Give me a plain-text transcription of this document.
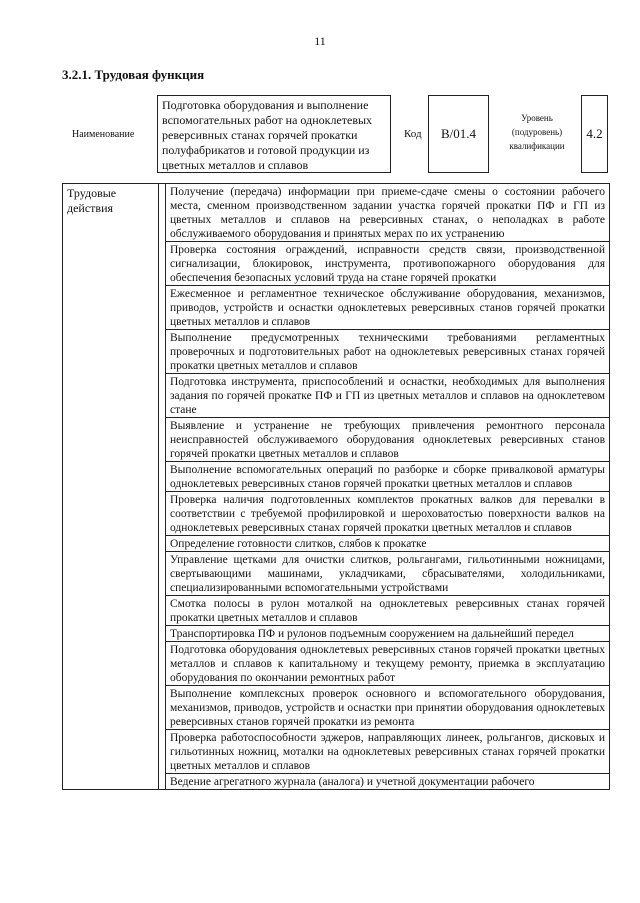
11
3.2.1. Трудовая функция
Наименование
Подготовка оборудования и выполнение вспомогательных работ на одноклетевых реверсивных станах горячей прокатки полуфабрикатов и готовой продукции из цветных металлов и сплавов
Код B/01.4
Уровень (подуровень) квалификации
4.2
Трудовые действия		Получение (передача) информации при приеме-сдаче смены о состоянии рабочего места, сменном производственном задании участка горячей прокатки ПФ и ГП из цветных металлов и сплавов на реверсивных станах, о неполадках в работе обслуживаемого оборудования и принятых мерах по их устранению
Проверка состояния ограждений, исправности средств связи, производственной сигнализации, блокировок, инструмента, противопожарного оборудования для обеспечения безопасных условий труда на стане горячей прокатки
Ежесменное и регламентное техническое обслуживание оборудования, механизмов, приводов, устройств и оснастки одноклетевых реверсивных станов горячей прокатки цветных металлов и сплавов
Выполнение предусмотренных техническими требованиями регламентных проверочных и подготовительных работ на одноклетевых реверсивных станах горячей прокатки цветных металлов и сплавов
Подготовка инструмента, приспособлений и оснастки, необходимых для выполнения задания по горячей прокатке ПФ и ГП из цветных металлов и сплавов на одноклетевом стане
Выявление и устранение не требующих привлечения ремонтного персонала неисправностей обслуживаемого оборудования одноклетевых реверсивных станов горячей прокатки цветных металлов и сплавов
Выполнение вспомогательных операций по разборке и сборке привалковой арматуры одноклетевых реверсивных станов горячей прокатки цветных металлов и сплавов
Проверка наличия подготовленных комплектов прокатных валков для перевалки в соответствии с требуемой профилировкой и шероховатостью поверхности валков на одноклетевых реверсивных станах горячей прокатки цветных металлов и сплавов
Определение готовности слитков, слябов к прокатке
Управление щетками для очистки слитков, рольгангами, гильотинными ножницами, свертывающими машинами, укладчиками, сбрасывателями, холодильниками, специализированными вспомогательными устройствами
Смотка полосы в рулон моталкой на одноклетевых реверсивных станах горячей прокатки цветных металлов и сплавов
Транспортировка ПФ и рулонов подъемным сооружением на дальнейший передел
Подготовка оборудования одноклетевых реверсивных станов горячей прокатки цветных металлов и сплавов к капитальному и текущему ремонту, приемка в эксплуатацию оборудования по окончании ремонтных работ
Выполнение комплексных проверок основного и вспомогательного оборудования, механизмов, приводов, устройств и оснастки при принятии оборудования одноклетевых реверсивных станов горячей прокатки из ремонта
Проверка работоспособности эджеров, направляющих линеек, рольгангов, дисковых и гильотинных ножниц, моталки на одноклетевых реверсивных станах горячей прокатки цветных металлов и сплавов
Ведение агрегатного журнала (аналога) и учетной документации рабочего
